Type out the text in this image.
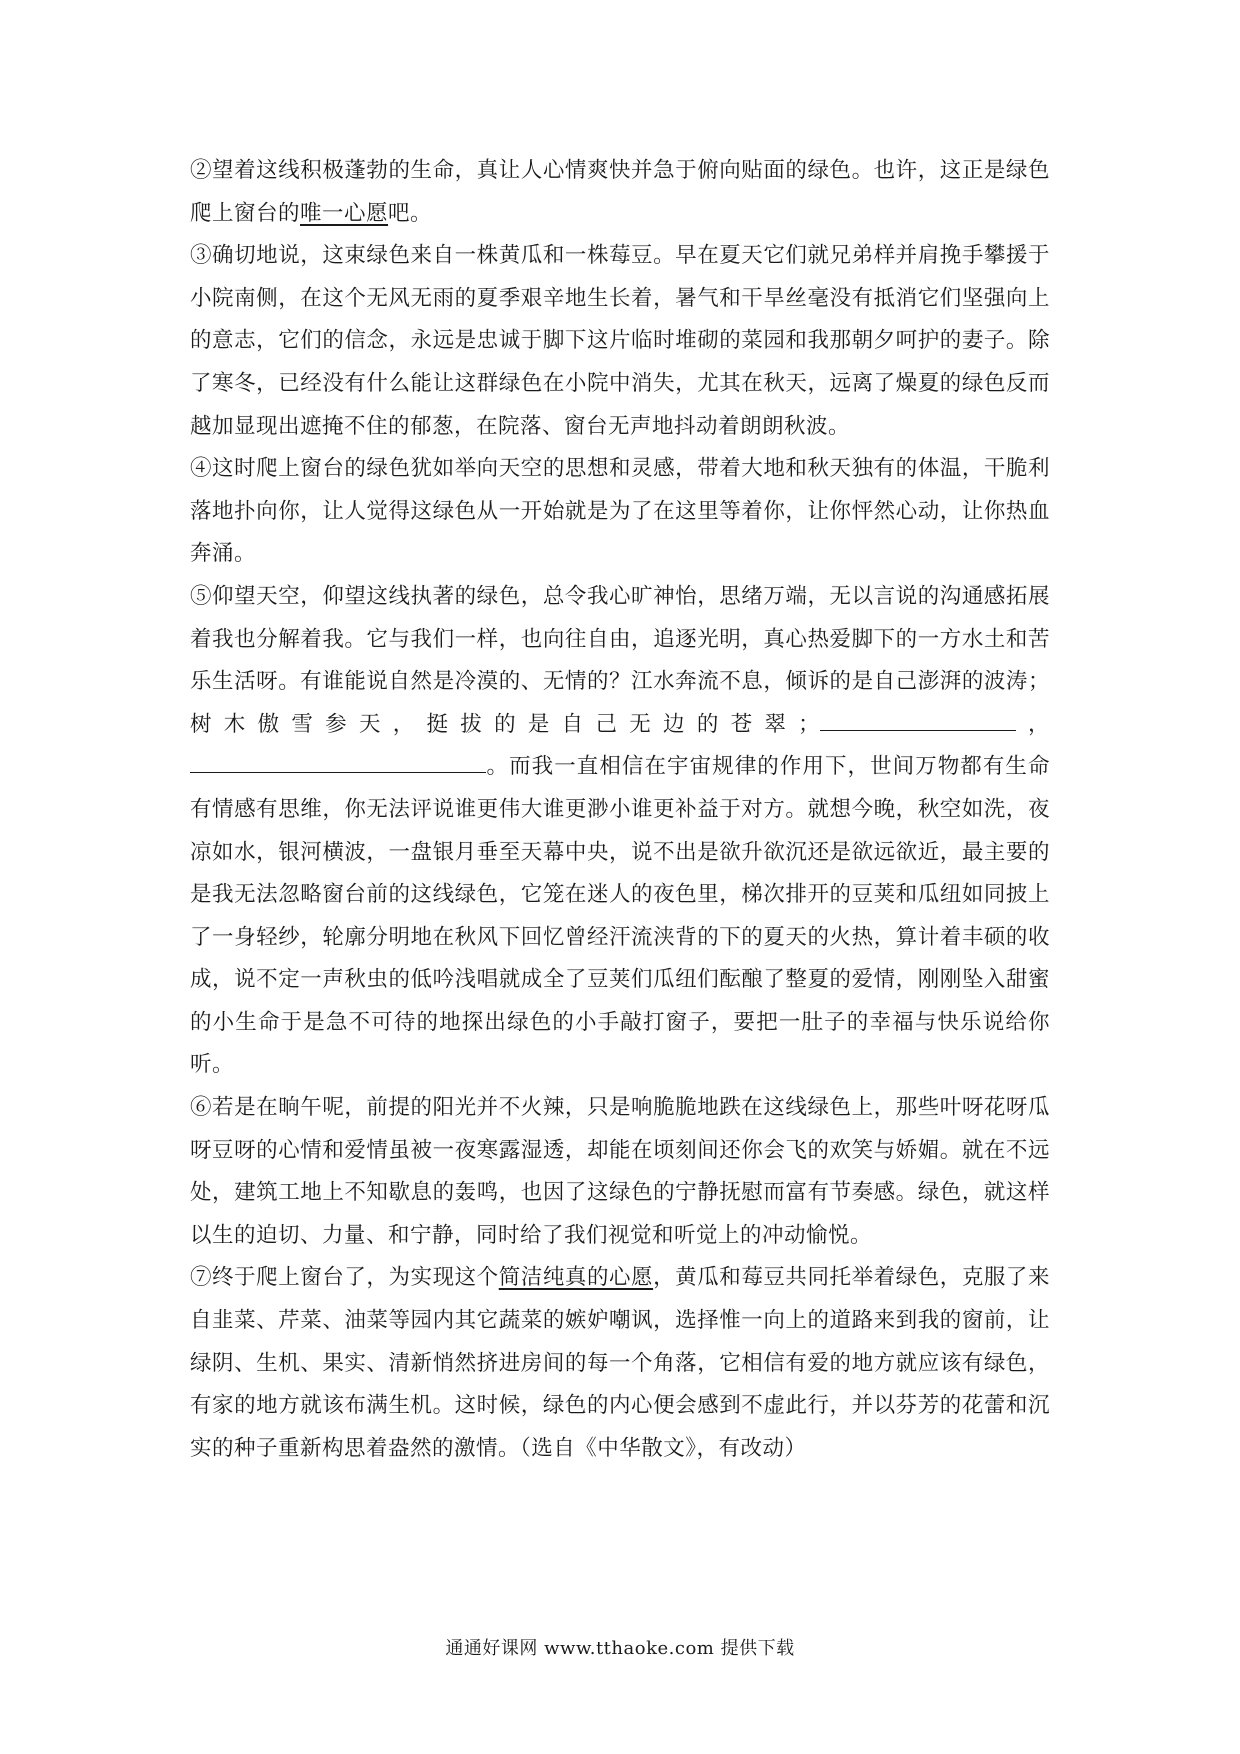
②望着这线积极蓬勃的生命，真让人心情爽快并急于俯向贴面的绿色。也许，这正是绿色爬上窗台的唯一心愿吧。

③确切地说，这束绿色来自一株黄瓜和一株莓豆。早在夏天它们就兄弟样并肩挽手攀援于小院南侧，在这个无风无雨的夏季艰辛地生长着，暑气和干旱丝毫没有抵消它们坚强向上的意志，它们的信念，永远是忠诚于脚下这片临时堆砌的菜园和我那朝夕呵护的妻子。除了寒冬，已经没有什么能让这群绿色在小院中消失，尤其在秋天，远离了燥夏的绿色反而越加显现出遮掩不住的郁葱，在院落、窗台无声地抖动着朗朗秋波。

④这时爬上窗台的绿色犹如举向天空的思想和灵感，带着大地和秋天独有的体温，干脆利落地扑向你，让人觉得这绿色从一开始就是为了在这里等着你，让你怦然心动，让你热血奔涌。

⑤仰望天空，仰望这线执著的绿色，总令我心旷神怡，思绪万端，无以言说的沟通感拓展着我也分解着我。它与我们一样，也向往自由，追逐光明，真心热爱脚下的一方水土和苦乐生活呀。有谁能说自然是冷漠的、无情的？江水奔流不息，倾诉的是自己澎湃的波涛；树木傲雪参天，挺拔的是自己无边的苍翠；	，。而我一直相信在宇宙规律的作用下，世间万物都有生命有情感有思维，你无法评说谁更伟大谁更渺小谁更补益于对方。就想今晚，秋空如洗，夜凉如水，银河横波，一盘银月垂至天幕中央，说不出是欲升欲沉还是欲远欲近，最主要的是我无法忽略窗台前的这线绿色，它笼在迷人的夜色里，梯次排开的豆荚和瓜纽如同披上了一身轻纱，轮廓分明地在秋风下回忆曾经汗流浃背的下的夏天的火热，算计着丰硕的收成，说不定一声秋虫的低吟浅唱就成全了豆荚们瓜纽们酝酿了整夏的爱情，刚刚坠入甜蜜的小生命于是急不可待的地探出绿色的小手敲打窗子，要把一肚子的幸福与快乐说给你听。

⑥若是在晌午呢，前提的阳光并不火辣，只是响脆脆地跌在这线绿色上，那些叶呀花呀瓜呀豆呀的心情和爱情虽被一夜寒露湿透，却能在顷刻间还你会飞的欢笑与娇媚。就在不远处，建筑工地上不知歇息的轰鸣，也因了这绿色的宁静抚慰而富有节奏感。绿色，就这样以生的迫切、力量、和宁静，同时给了我们视觉和听觉上的冲动愉悦。

⑦终于爬上窗台了，为实现这个简洁纯真的心愿，黄瓜和莓豆共同托举着绿色，克服了来自韭菜、芹菜、油菜等园内其它蔬菜的嫉妒嘲讽，选择惟一向上的道路来到我的窗前，让绿阴、生机、果实、清新悄然挤进房间的每一个角落，它相信有爱的地方就应该有绿色，有家的地方就该布满生机。这时候，绿色的内心便会感到不虚此行，并以芬芳的花蕾和沉实的种子重新构思着盎然的激情。（选自《中华散文》，有改动）

通通好课网 www.tthaoke.com 提供下载
